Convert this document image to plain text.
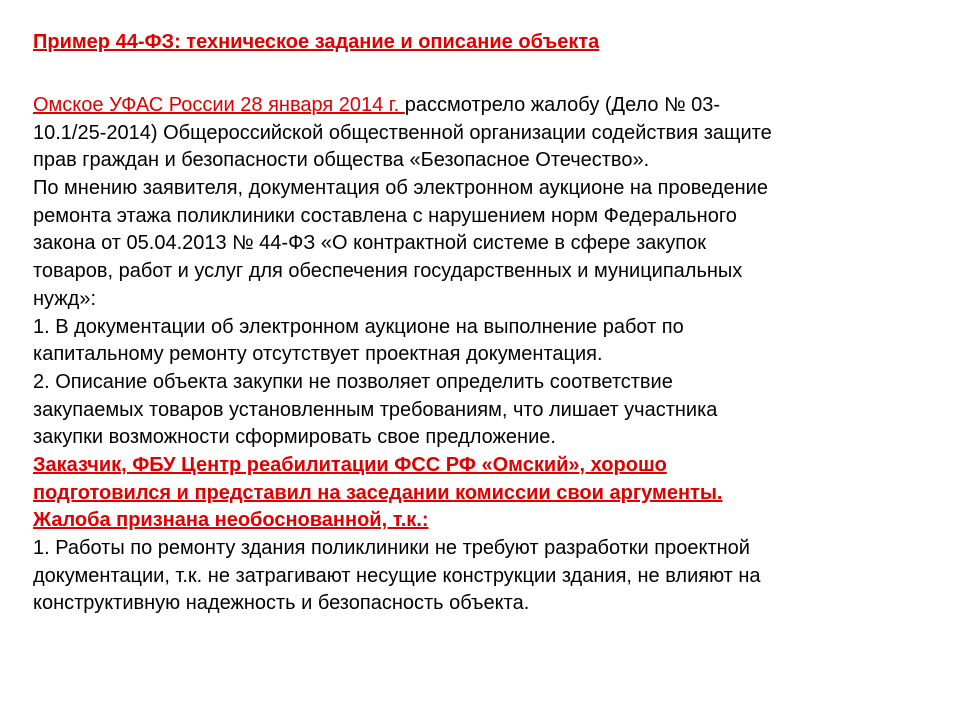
Пример 44-ФЗ: техническое задание и описание объекта
Омское УФАС России 28 января 2014 г. рассмотрело жалобу (Дело № 03-
10.1/25-2014) Общероссийской общественной организации содействия защите
прав граждан и безопасности общества «Безопасное Отечество».
По мнению заявителя, документация об электронном аукционе на проведение
ремонта этажа поликлиники составлена с нарушением норм Федерального
закона от 05.04.2013 № 44-ФЗ «О контрактной системе в сфере закупок
товаров, работ и услуг для обеспечения государственных и муниципальных
нужд»:
1. В документации об электронном аукционе на выполнение работ по
капитальному ремонту отсутствует проектная документация.
2. Описание объекта закупки не позволяет определить соответствие
закупаемых товаров установленным требованиям, что лишает участника
закупки возможности сформировать свое предложение.
Заказчик, ФБУ Центр реабилитации ФСС РФ «Омский», хорошо
подготовился и представил на заседании комиссии свои аргументы.
Жалоба признана необоснованной, т.к.:
1. Работы по ремонту здания поликлиники не требуют разработки проектной
документации, т.к. не затрагивают несущие конструкции здания, не влияют на
конструктивную надежность и безопасность объекта.
